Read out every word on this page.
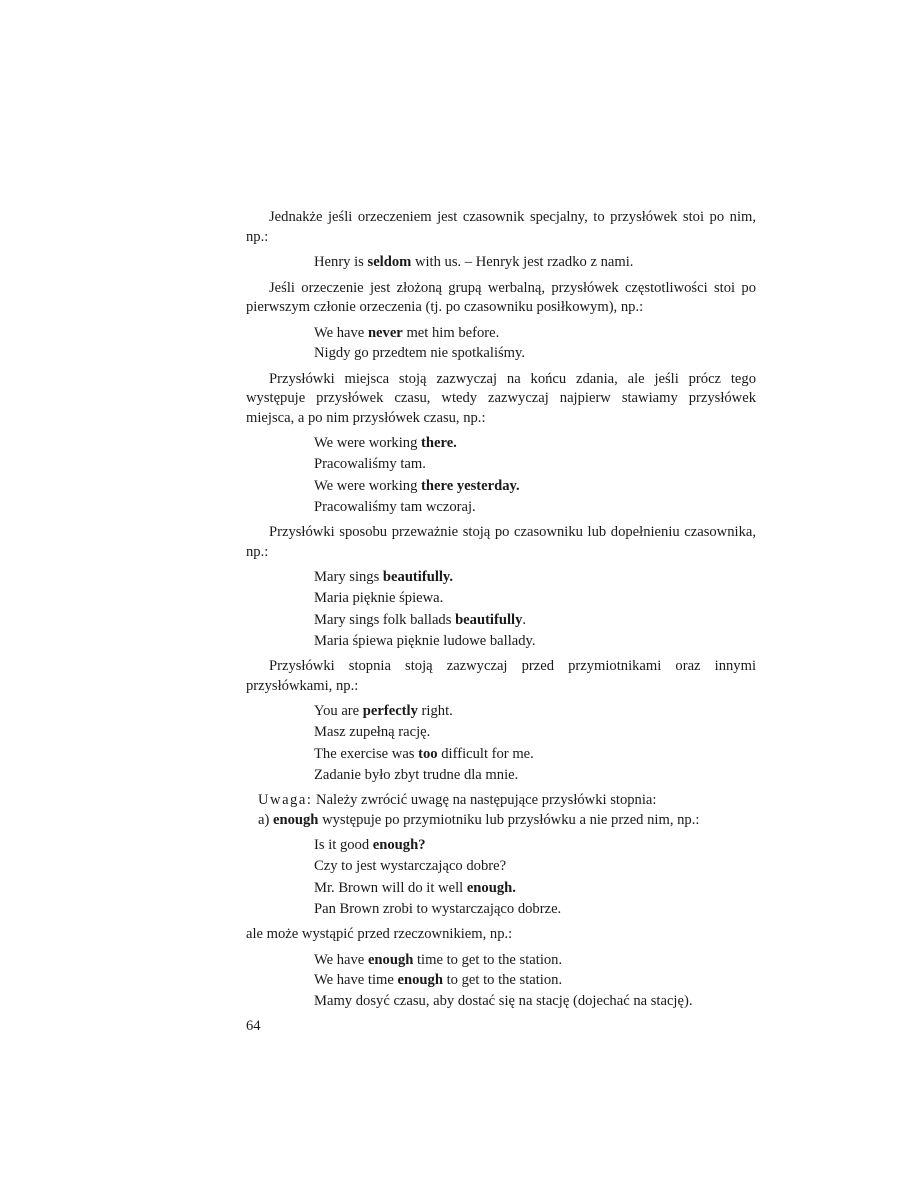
Jednakże jeśli orzeczeniem jest czasownik specjalny, to przysłówek stoi po nim, np.:

Henry is seldom with us. – Henryk jest rzadko z nami.

Jeśli orzeczenie jest złożoną grupą werbalną, przysłówek częstotliwości stoi po pierwszym członie orzeczenia (tj. po czasowniku posiłkowym), np.:

We have never met him before.
Nigdy go przedtem nie spotkaliśmy.

Przysłówki miejsca stoją zazwyczaj na końcu zdania, ale jeśli prócz tego występuje przysłówek czasu, wtedy zazwyczaj najpierw stawiamy przysłówek miejsca, a po nim przysłówek czasu, np.:

We were working there.
Pracowaliśmy tam.
We were working there yesterday.
Pracowaliśmy tam wczoraj.

Przysłówki sposobu przeważnie stoją po czasowniku lub dopełnieniu czasownika, np.:

Mary sings beautifully.
Maria pięknie śpiewa.
Mary sings folk ballads beautifully.
Maria śpiewa pięknie ludowe ballady.

Przysłówki stopnia stoją zazwyczaj przed przymiotnikami oraz innymi przysłówkami, np.:

You are perfectly right.
Masz zupełną rację.
The exercise was too difficult for me.
Zadanie było zbyt trudne dla mnie.

Uwaga: Należy zwrócić uwagę na następujące przysłówki stopnia:
a) enough występuje po przymiotniku lub przysłówku a nie przed nim, np.:

Is it good enough?
Czy to jest wystarczająco dobre?
Mr. Brown will do it well enough.
Pan Brown zrobi to wystarczająco dobrze.

ale może wystąpić przed rzeczownikiem, np.:

We have enough time to get to the station.
We have time enough to get to the station.
Mamy dosyć czasu, aby dostać się na stację (dojechać na stację).
64
